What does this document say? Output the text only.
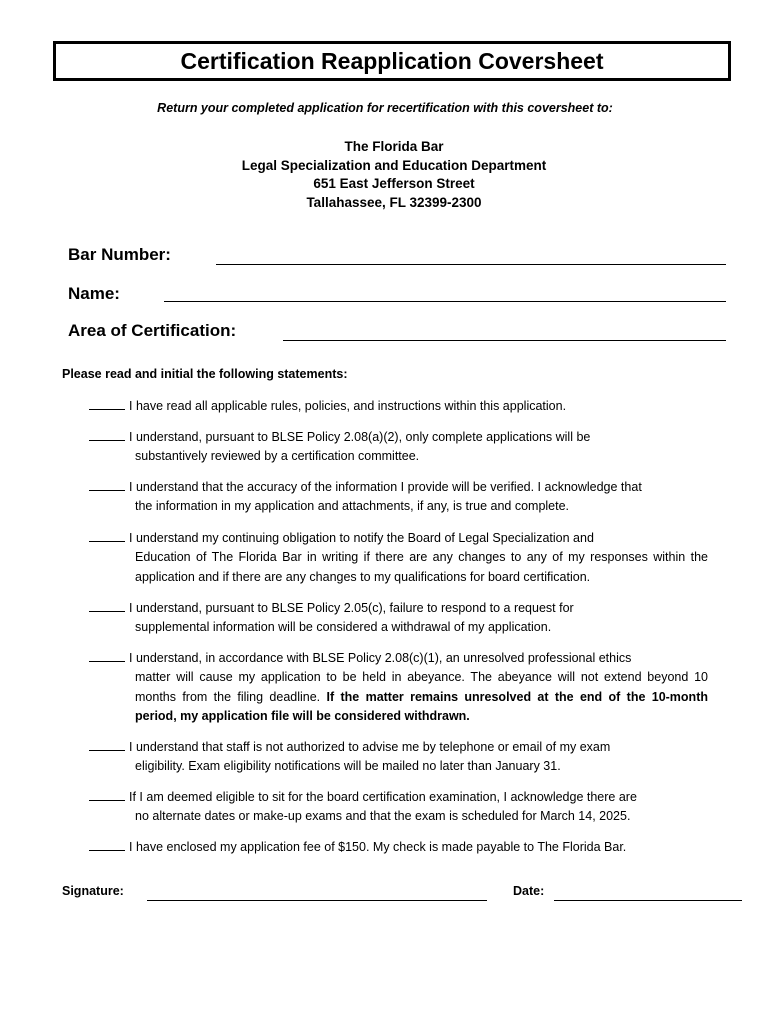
Certification Reapplication Coversheet
Return your completed application for recertification with this coversheet to:
The Florida Bar
Legal Specialization and Education Department
651 East Jefferson Street
Tallahassee, FL 32399-2300
Bar Number:
Name:
Area of Certification:
Please read and initial the following statements:
I have read all applicable rules, policies, and instructions within this application.
I understand, pursuant to BLSE Policy 2.08(a)(2), only complete applications will be
substantively reviewed by a certification committee.
I understand that the accuracy of the information I provide will be verified. I acknowledge that
the information in my application and attachments, if any, is true and complete.
I understand my continuing obligation to notify the Board of Legal Specialization and
Education of The Florida Bar in writing if there are any changes to any of my responses within the application and if there are any changes to my qualifications for board certification.
I understand, pursuant to BLSE Policy 2.05(c), failure to respond to a request for
supplemental information will be considered a withdrawal of my application.
I understand, in accordance with BLSE Policy 2.08(c)(1), an unresolved professional ethics
matter will cause my application to be held in abeyance. The abeyance will not extend beyond 10 months from the filing deadline. If the matter remains unresolved at the end of the 10-month period, my application file will be considered withdrawn.
I understand that staff is not authorized to advise me by telephone or email of my exam
eligibility. Exam eligibility notifications will be mailed no later than January 31.
If I am deemed eligible to sit for the board certification examination, I acknowledge there are
no alternate dates or make-up exams and that the exam is scheduled for March 14, 2025.
I have enclosed my application fee of $150. My check is made payable to The Florida Bar.
Signature:	Date:
